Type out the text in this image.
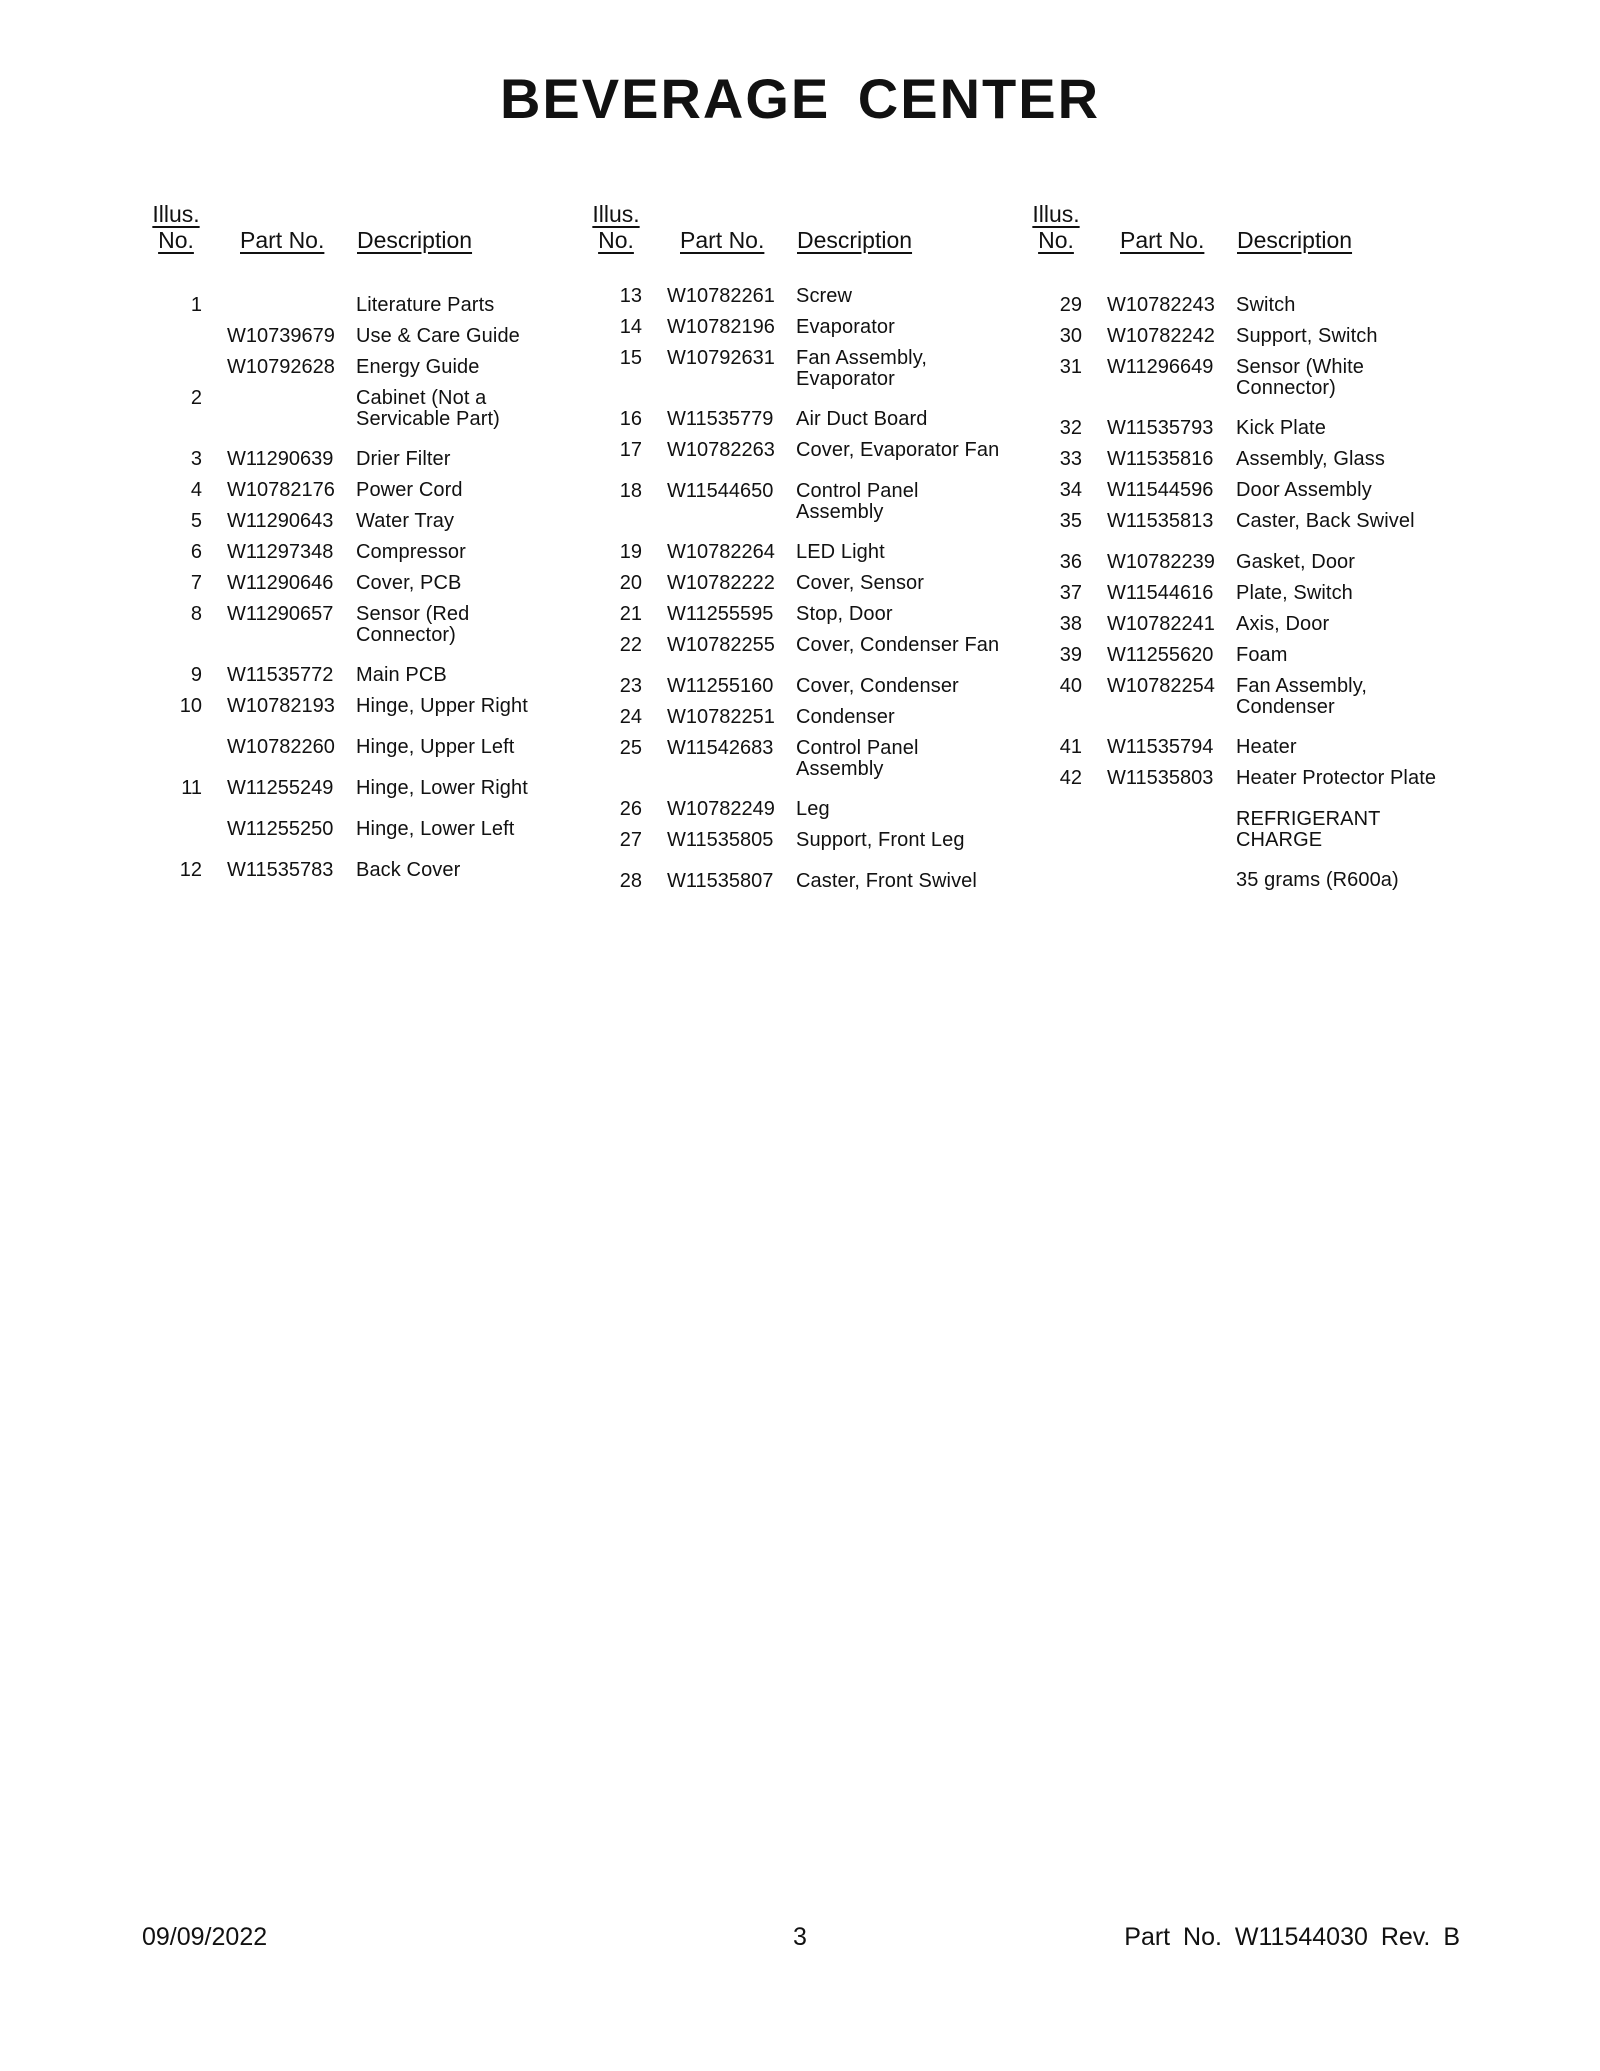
BEVERAGE CENTER
Illus.
No.	Part No. Description
1	Literature Parts
W10739679 Use & Care Guide
W10792628 Energy Guide
2	Cabinet (Not a Servicable Part)
3 W11290639 Drier Filter
4 W10782176 Power Cord
5 W11290643 Water Tray
6 W11297348 Compressor
7 W11290646 Cover, PCB
8 W11290657 Sensor (Red Connector)
9 W11535772 Main PCB
10 W10782193 Hinge, Upper Right
W10782260 Hinge, Upper Left
11 W11255249 Hinge, Lower Right
W11255250 Hinge, Lower Left
12 W11535783 Back Cover
Illus.
No.	Part No. Description
13 W10782261 Screw
14 W10782196 Evaporator
15 W10792631 Fan Assembly, Evaporator
16 W11535779 Air Duct Board
17 W10782263 Cover, Evaporator Fan
18 W11544650 Control Panel Assembly
19 W10782264 LED Light
20 W10782222 Cover, Sensor
21 W11255595 Stop, Door
22 W10782255 Cover, Condenser Fan
23 W11255160 Cover, Condenser
24 W10782251 Condenser
25 W11542683 Control Panel Assembly
26 W10782249 Leg
27 W11535805 Support, Front Leg
28 W11535807 Caster, Front Swivel
Illus.
No.	Part No. Description
29 W10782243 Switch
30 W10782242 Support, Switch
31 W11296649 Sensor (White Connector)
32 W11535793 Kick Plate
33 W11535816 Assembly, Glass
34 W11544596 Door Assembly
35 W11535813 Caster, Back Swivel
36 W10782239 Gasket, Door
37 W11544616 Plate, Switch
38 W10782241 Axis, Door
39 W11255620 Foam
40 W10782254 Fan Assembly, Condenser
41 W11535794 Heater
42 W11535803 Heater Protector Plate
REFRIGERANT CHARGE
35 grams (R600a)
09/09/2022	3	Part No. W11544030 Rev. B
